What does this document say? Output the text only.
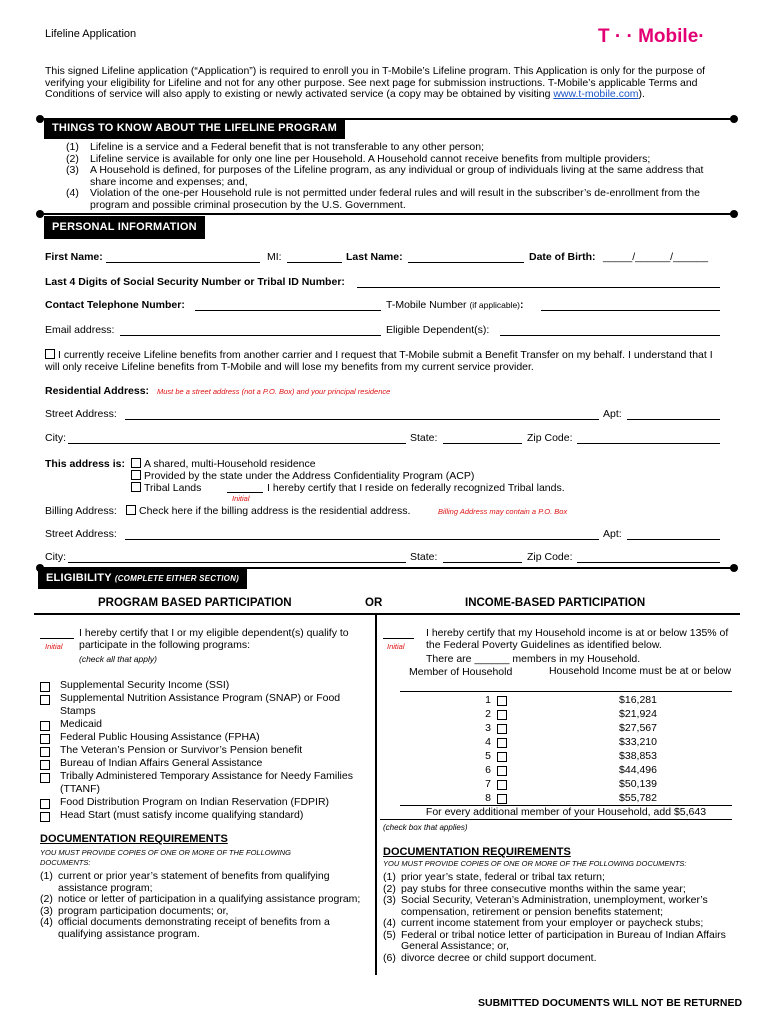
Lifeline Application	T · · Mobile·
This signed Lifeline application (“Application”) is required to enroll you in T-Mobile’s Lifeline program. This Application is only for the purpose of verifying your eligibility for Lifeline and not for any other purpose. See next page for submission instructions. T-Mobile’s applicable Terms and Conditions of service will also apply to existing or newly activated service (a copy may be obtained by visiting www.t-mobile.com).
THINGS TO KNOW ABOUT THE LIFELINE PROGRAM
(1) Lifeline is a service and a Federal benefit that is not transferable to any other person;
(2) Lifeline service is available for only one line per Household. A Household cannot receive benefits from multiple providers;
(3) A Household is defined, for purposes of the Lifeline program, as any individual or group of individuals living at the same address that share income and expenses; and,
(4) Violation of the one-per Household rule is not permitted under federal rules and will result in the subscriber’s de-enrollment from the program and possible criminal prosecution by the U.S. Government.
PERSONAL INFORMATION
First Name:	MI:	Last Name:	Date of Birth: _____/______/______
Last 4 Digits of Social Security Number or Tribal ID Number:
Contact Telephone Number:	T-Mobile Number (if applicable):
Email address:	Eligible Dependent(s):
I currently receive Lifeline benefits from another carrier and I request that T-Mobile submit a Benefit Transfer on my behalf. I understand that I will only receive Lifeline benefits from T-Mobile and will lose my benefits from my current service provider.
Residential Address: Must be a street address (not a P.O. Box) and your principal residence
Street Address:	Apt:
City:	State:	Zip Code:
This address is:	A shared, multi-Household residence
Provided by the state under the Address Confidentiality Program (ACP)
Tribal Lands	I hereby certify that I reside on federally recognized Tribal lands.
Initial
Billing Address:	Check here if the billing address is the residential address.	Billing Address may contain a P.O. Box
Street Address:	Apt:
City:	State:	Zip Code:
ELIGIBILITY (COMPLETE EITHER SECTION)
PROGRAM BASED PARTICIPATION	OR	INCOME-BASED PARTICIPATION
Initial
I hereby certify that I or my eligible dependent(s) qualify to participate in the following programs:
(check all that apply)
Supplemental Security Income (SSI)
Supplemental Nutrition Assistance Program (SNAP) or Food Stamps
Medicaid
Federal Public Housing Assistance (FPHA)
The Veteran’s Pension or Survivor’s Pension benefit
Bureau of Indian Affairs General Assistance
Tribally Administered Temporary Assistance for Needy Families (TTANF)
Food Distribution Program on Indian Reservation (FDPIR)
Head Start (must satisfy income qualifying standard)
DOCUMENTATION REQUIREMENTS
YOU MUST PROVIDE COPIES OF ONE OR MORE OF THE FOLLOWING DOCUMENTS:
(1) current or prior year’s statement of benefits from qualifying assistance program;
(2) notice or letter of participation in a qualifying assistance program;
(3) program participation documents; or,
(4) official documents demonstrating receipt of benefits from a qualifying assistance program.
Initial
I hereby certify that my Household income is at or below 135% of the Federal Poverty Guidelines as identified below.
There are ______ members in my Household.
Member of Household	Household Income must be at or below
1	$16,281
2	$21,924
3	$27,567
4	$33,210
5	$38,853
6	$44,496
7	$50,139
8	$55,782
For every additional member of your Household, add $5,643
(check box that applies)
DOCUMENTATION REQUIREMENTS
YOU MUST PROVIDE COPIES OF ONE OR MORE OF THE FOLLOWING DOCUMENTS:
(1) prior year’s state, federal or tribal tax return;
(2) pay stubs for three consecutive months within the same year;
(3) Social Security, Veteran’s Administration, unemployment, worker’s compensation, retirement or pension benefits statement;
(4) current income statement from your employer or paycheck stubs;
(5) Federal or tribal notice letter of participation in Bureau of Indian Affairs General Assistance; or,
(6) divorce decree or child support document.
SUBMITTED DOCUMENTS WILL NOT BE RETURNED
